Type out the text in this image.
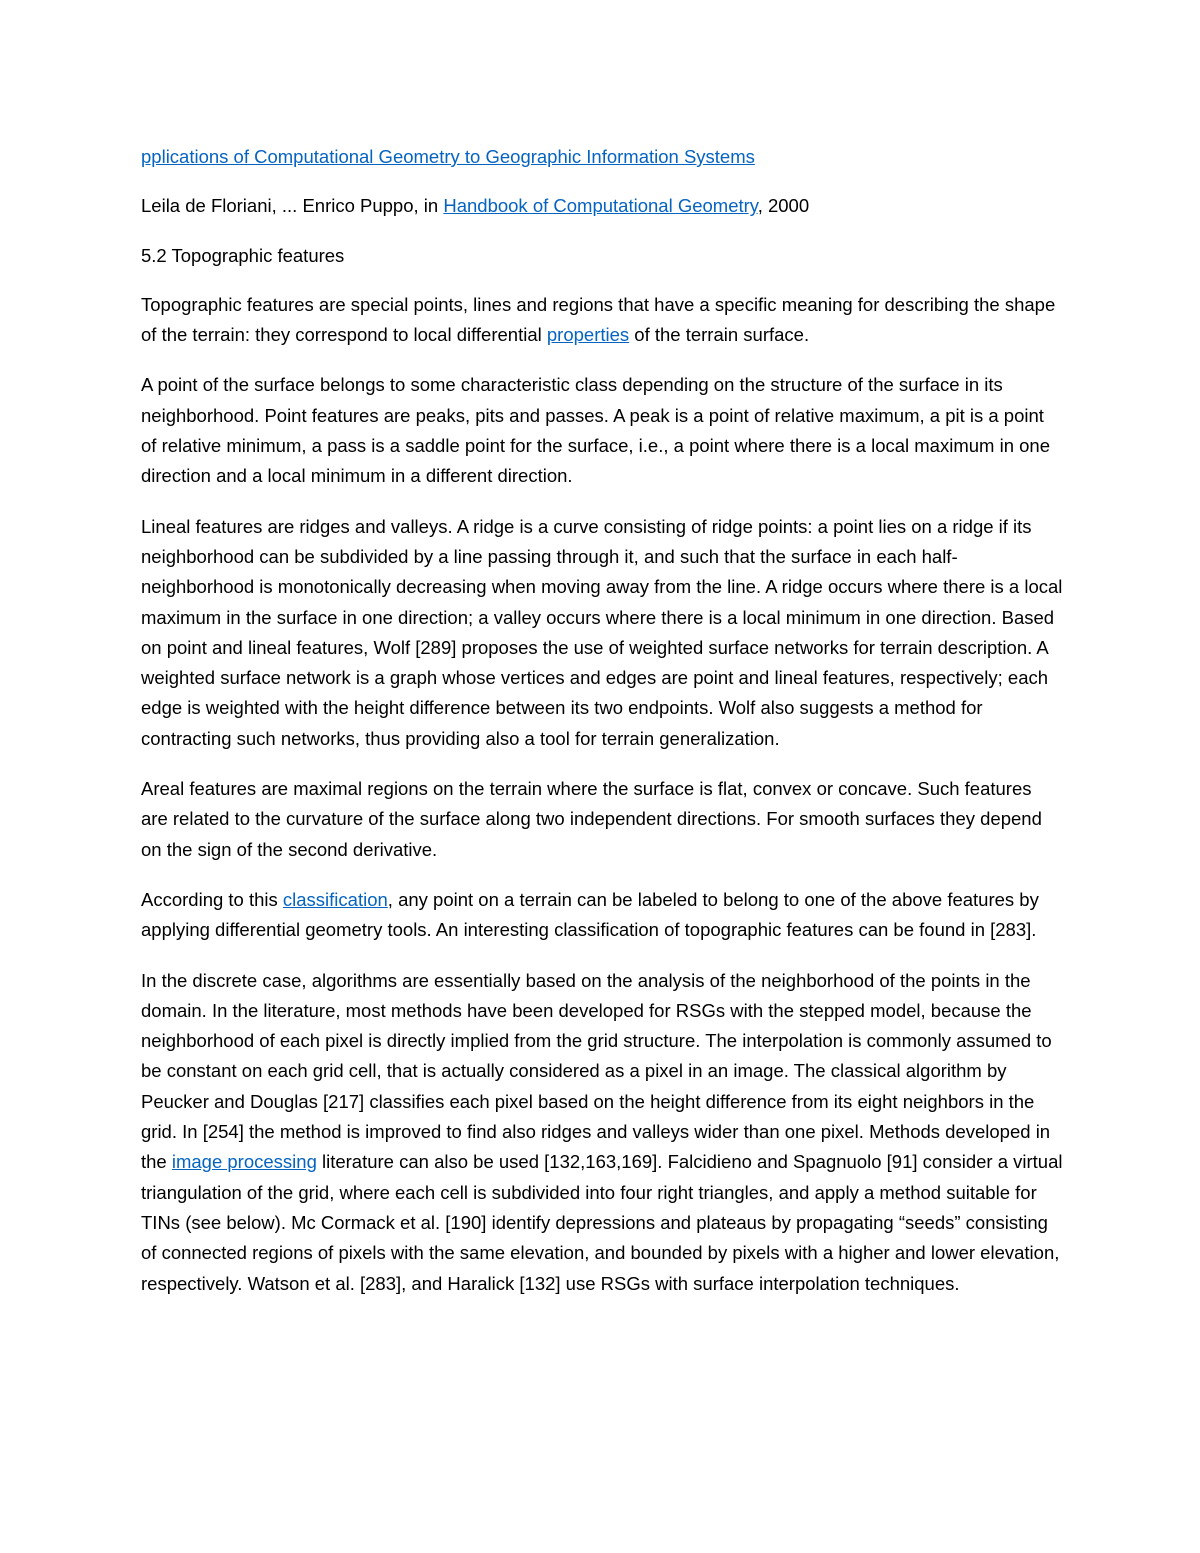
pplications of Computational Geometry to Geographic Information Systems

Leila de Floriani, ... Enrico Puppo, in Handbook of Computational Geometry, 2000

5.2 Topographic features

Topographic features are special points, lines and regions that have a specific meaning for describing the shape of the terrain: they correspond to local differential properties of the terrain surface.

A point of the surface belongs to some characteristic class depending on the structure of the surface in its neighborhood. Point features are peaks, pits and passes. A peak is a point of relative maximum, a pit is a point of relative minimum, a pass is a saddle point for the surface, i.e., a point where there is a local maximum in one direction and a local minimum in a different direction.

Lineal features are ridges and valleys. A ridge is a curve consisting of ridge points: a point lies on a ridge if its neighborhood can be subdivided by a line passing through it, and such that the surface in each half-neighborhood is monotonically decreasing when moving away from the line. A ridge occurs where there is a local maximum in the surface in one direction; a valley occurs where there is a local minimum in one direction. Based on point and lineal features, Wolf [289] proposes the use of weighted surface networks for terrain description. A weighted surface network is a graph whose vertices and edges are point and lineal features, respectively; each edge is weighted with the height difference between its two endpoints. Wolf also suggests a method for contracting such networks, thus providing also a tool for terrain generalization.

Areal features are maximal regions on the terrain where the surface is flat, convex or concave. Such features are related to the curvature of the surface along two independent directions. For smooth surfaces they depend on the sign of the second derivative.

According to this classification, any point on a terrain can be labeled to belong to one of the above features by applying differential geometry tools. An interesting classification of topographic features can be found in [283].

In the discrete case, algorithms are essentially based on the analysis of the neighborhood of the points in the domain. In the literature, most methods have been developed for RSGs with the stepped model, because the neighborhood of each pixel is directly implied from the grid structure. The interpolation is commonly assumed to be constant on each grid cell, that is actually considered as a pixel in an image. The classical algorithm by Peucker and Douglas [217] classifies each pixel based on the height difference from its eight neighbors in the grid. In [254] the method is improved to find also ridges and valleys wider than one pixel. Methods developed in the image processing literature can also be used [132,163,169]. Falcidieno and Spagnuolo [91] consider a virtual triangulation of the grid, where each cell is subdivided into four right triangles, and apply a method suitable for TINs (see below). Mc Cormack et al. [190] identify depressions and plateaus by propagating “seeds” consisting of connected regions of pixels with the same elevation, and bounded by pixels with a higher and lower elevation, respectively. Watson et al. [283], and Haralick [132] use RSGs with surface interpolation techniques.
